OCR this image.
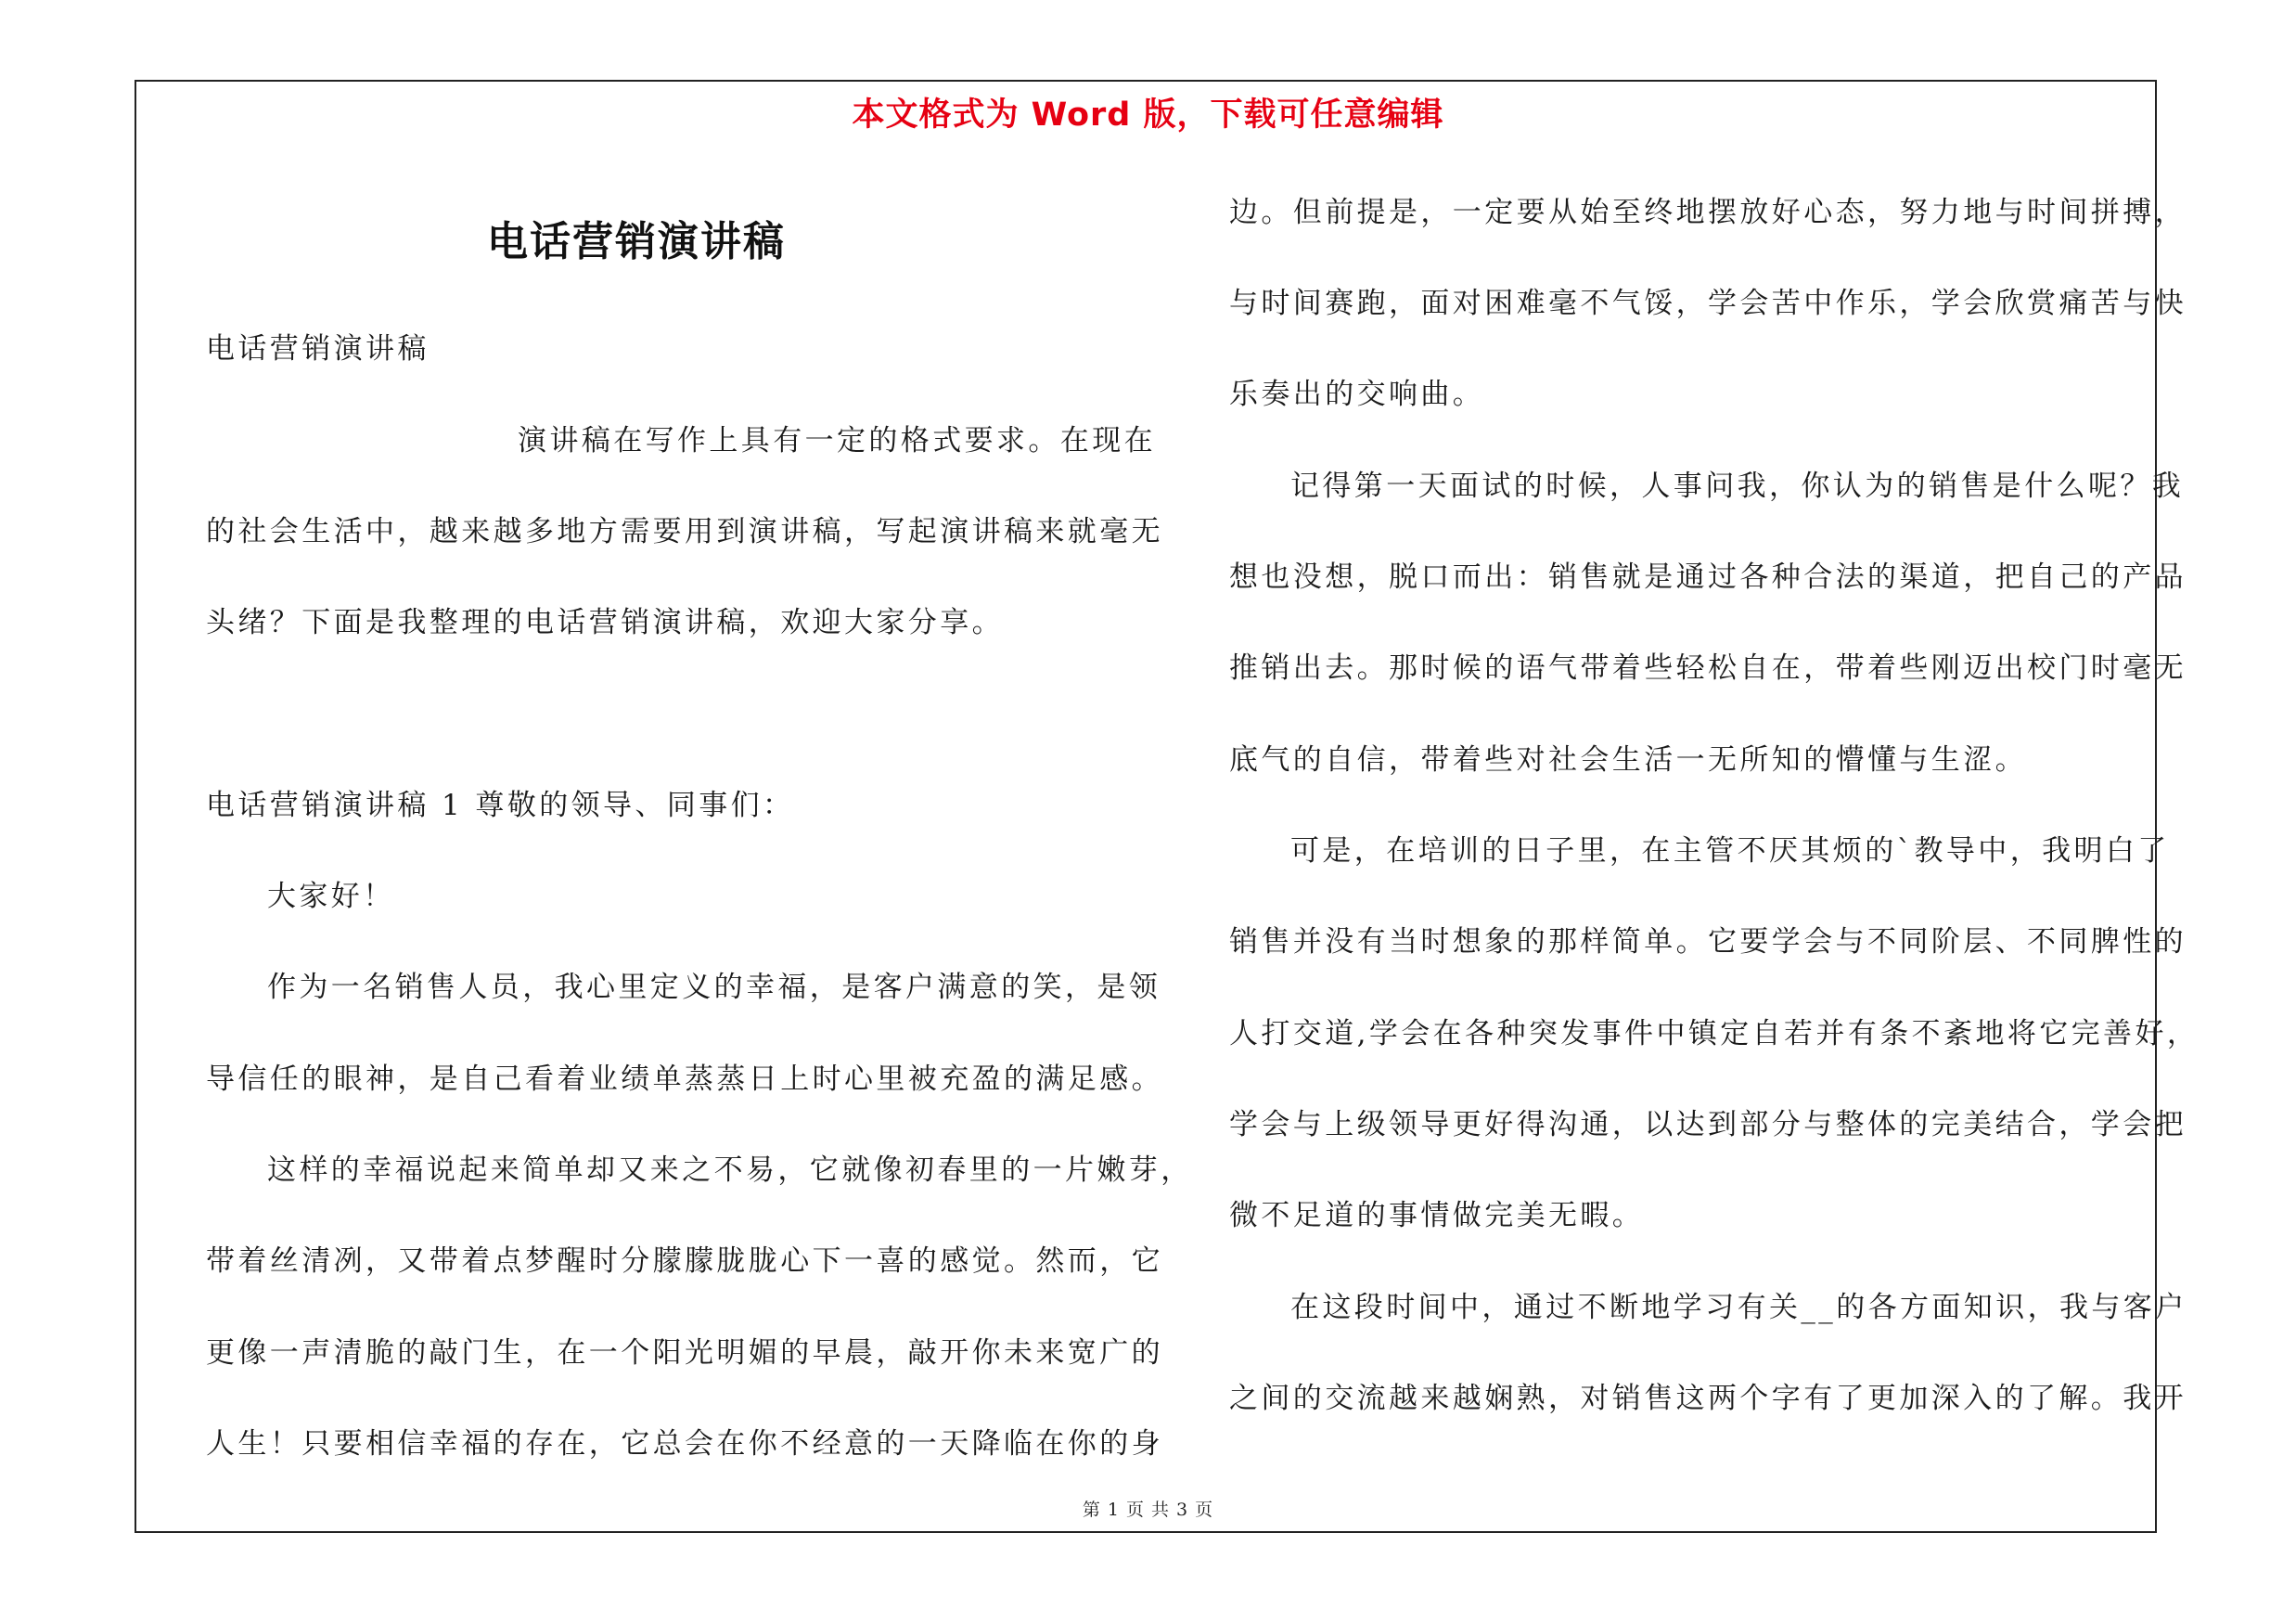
本文格式为 Word 版，下载可任意编辑
电话营销演讲稿
电话营销演讲稿
演讲稿在写作上具有一定的格式要求。在现在
的社会生活中，越来越多地方需要用到演讲稿，写起演讲稿来就毫无
头绪？下面是我整理的电话营销演讲稿，欢迎大家分享。
电话营销演讲稿 1 尊敬的领导、同事们：
大家好！
作为一名销售人员，我心里定义的幸福，是客户满意的笑，是领
导信任的眼神，是自己看着业绩单蒸蒸日上时心里被充盈的满足感。
这样的幸福说起来简单却又来之不易，它就像初春里的一片嫩芽，
带着丝清冽，又带着点梦醒时分朦朦胧胧心下一喜的感觉。然而，它
更像一声清脆的敲门生，在一个阳光明媚的早晨，敲开你未来宽广的
人生！只要相信幸福的存在，它总会在你不经意的一天降临在你的身
边。但前提是，一定要从始至终地摆放好心态，努力地与时间拼搏，
与时间赛跑，面对困难毫不气馁，学会苦中作乐，学会欣赏痛苦与快
乐奏出的交响曲。
记得第一天面试的时候，人事问我，你认为的销售是什么呢？我
想也没想，脱口而出：销售就是通过各种合法的渠道，把自己的产品
推销出去。那时候的语气带着些轻松自在，带着些刚迈出校门时毫无
底气的自信，带着些对社会生活一无所知的懵懂与生涩。
可是，在培训的日子里，在主管不厌其烦的`教导中，我明白了
销售并没有当时想象的那样简单。它要学会与不同阶层、不同脾性的
人打交道,学会在各种突发事件中镇定自若并有条不紊地将它完善好，
学会与上级领导更好得沟通，以达到部分与整体的完美结合，学会把
微不足道的事情做完美无暇。
在这段时间中，通过不断地学习有关__的各方面知识，我与客户
之间的交流越来越娴熟，对销售这两个字有了更加深入的了解。我开
第 1 页 共 3 页
